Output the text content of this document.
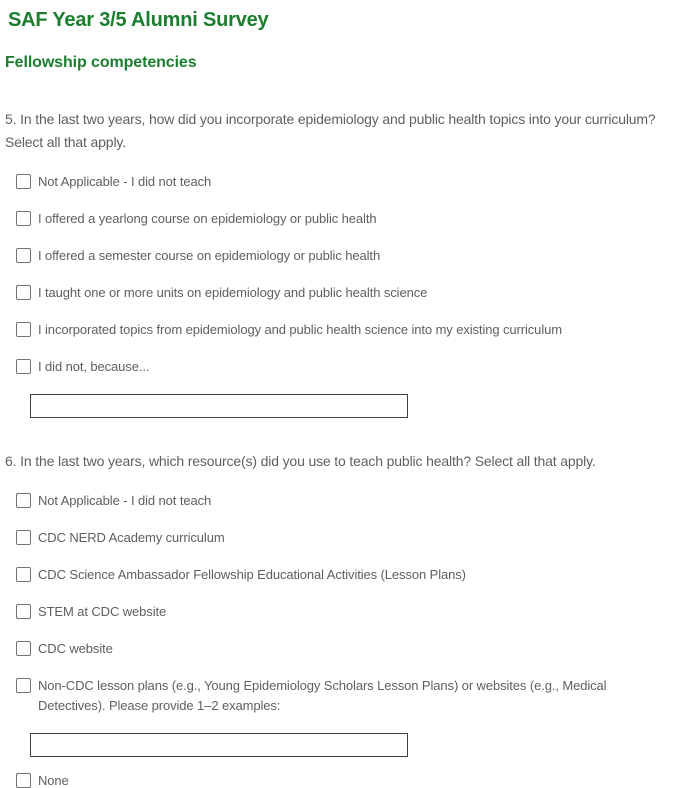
SAF Year 3/5 Alumni Survey
Fellowship competencies

5. In the last two years, how did you incorporate epidemiology and public health topics into your curriculum? Select all that apply.

Not Applicable - I did not teach
I offered a yearlong course on epidemiology or public health
I offered a semester course on epidemiology or public health
I taught one or more units on epidemiology and public health science
I incorporated topics from epidemiology and public health science into my existing curriculum
I did not, because...

6. In the last two years, which resource(s) did you use to teach public health? Select all that apply.

Not Applicable - I did not teach
CDC NERD Academy curriculum
CDC Science Ambassador Fellowship Educational Activities (Lesson Plans)
STEM at CDC website
CDC website
Non-CDC lesson plans (e.g., Young Epidemiology Scholars Lesson Plans) or websites (e.g., Medical Detectives). Please provide 1–2 examples:
None
